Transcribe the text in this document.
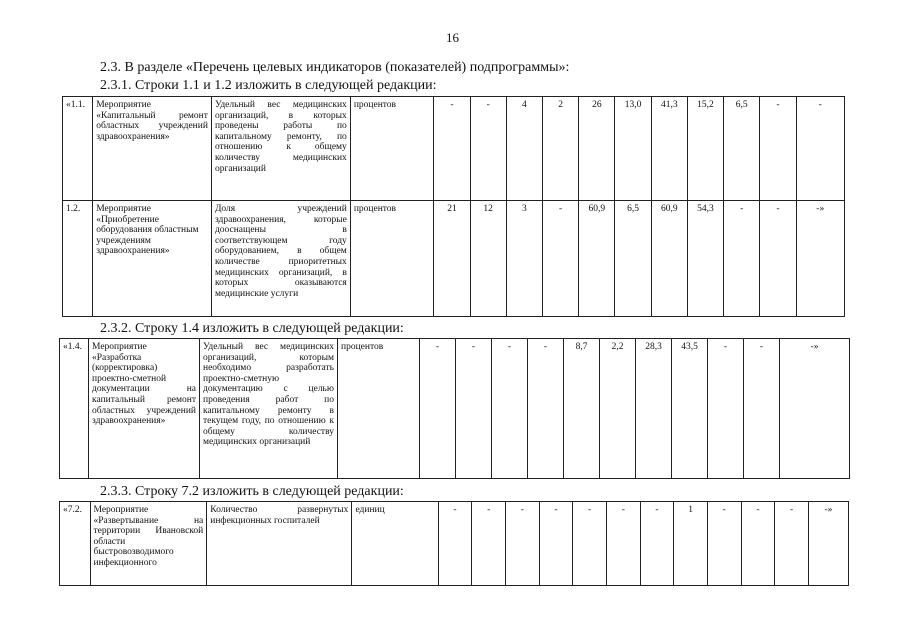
16
2.3. В разделе «Перечень целевых индикаторов (показателей) подпрограммы»:
2.3.1. Строки 1.1 и 1.2 изложить в следующей редакции:
«1.1.	Мероприятие «Капитальный ремонт областных учреждений здравоохранения»	Удельный вес медицинских организаций, в которых проведены работы по капитальному ремонту, по отношению к общему количеству медицинских организаций	процентов	-	-	4	2	26	13,0	41,3	15,2	6,5	-	-
1.2.	Мероприятие «Приобретение оборудования областным учреждениям здравоохранения»	Доля учреждений здравоохранения, которые дооснащены в соответствующем году оборудованием, в общем количестве приоритетных медицинских организаций, в которых оказываются медицинские услуги	процентов	21	12	3	-	60,9	6,5	60,9	54,3	-	-	-»
2.3.2. Строку 1.4 изложить в следующей редакции:
«1.4.	Мероприятие «Разработка (корректировка) проектно-сметной документации на капитальный ремонт областных учреждений здравоохранения»	Удельный вес медицинских организаций, которым необходимо разработать проектно-сметную документацию с целью проведения работ по капитальному ремонту в текущем году, по отношению к общему количеству медицинских организаций	процентов	-	-	-	-	8,7	2,2	28,3	43,5	-	-	-»
2.3.3. Строку 7.2 изложить в следующей редакции:
«7.2.	Мероприятие «Развертывание на территории Ивановской области быстровозводимого инфекционного	Количество развернутых инфекционных госпиталей	единиц	-	-	-	-	-	-	-	1	-	-	-	-»
